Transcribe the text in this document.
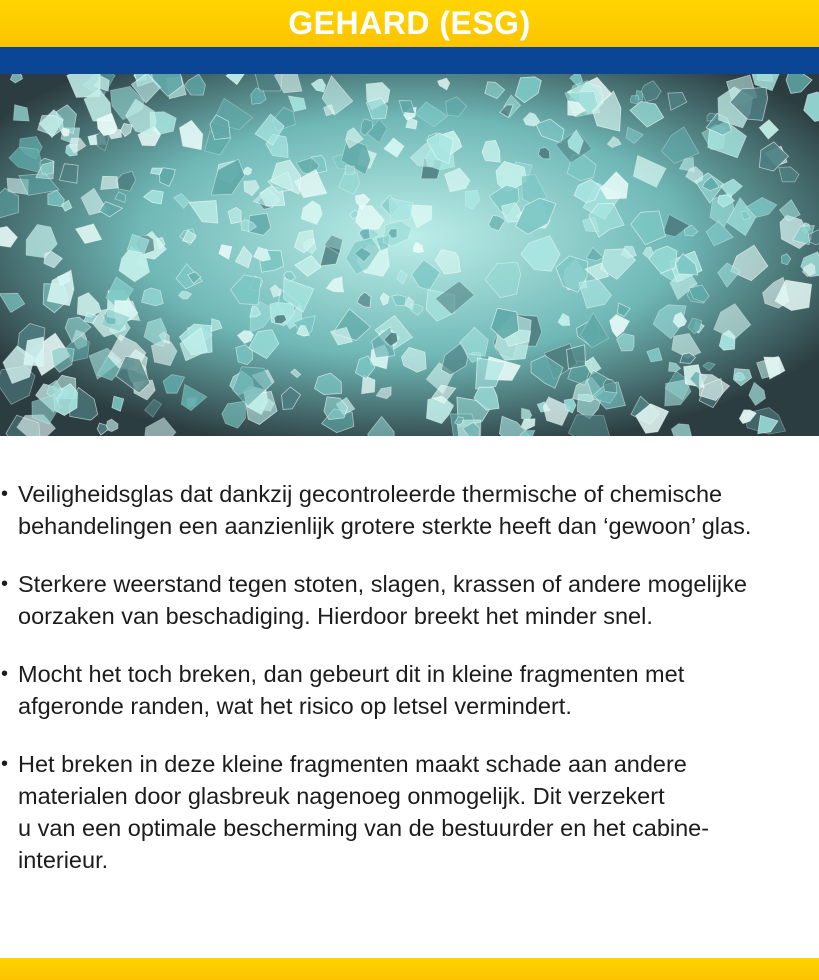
GEHARD (ESG)
• Veiligheidsglas dat dankzij gecontroleerde thermische of chemische
behandelingen een aanzienlijk grotere sterkte heeft dan ‘gewoon’ glas.
• Sterkere weerstand tegen stoten, slagen, krassen of andere mogelijke
oorzaken van beschadiging. Hierdoor breekt het minder snel.
• Mocht het toch breken, dan gebeurt dit in kleine fragmenten met
afgeronde randen, wat het risico op letsel vermindert.
• Het breken in deze kleine fragmenten maakt schade aan andere
materialen door glasbreuk nagenoeg onmogelijk. Dit verzekert
u van een optimale bescherming van de bestuurder en het cabine-
interieur.
